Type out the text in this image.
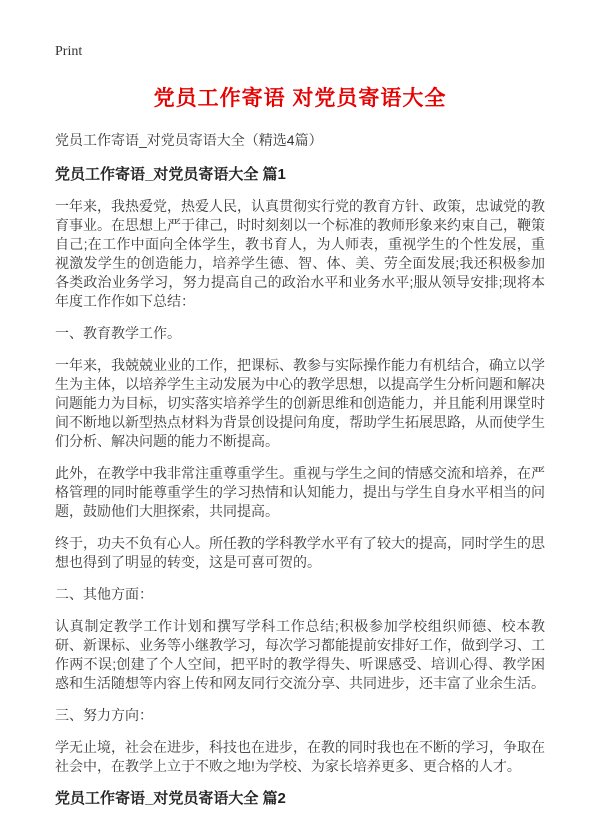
Print
党员工作寄语 对党员寄语大全
党员工作寄语_对党员寄语大全（精选4篇）
党员工作寄语_对党员寄语大全 篇1
一年来，我热爱党，热爱人民，认真贯彻实行党的教育方针、政策，忠诚党的教育事业。在思想上严于律己，时时刻刻以一个标准的教师形象来约束自己，鞭策自己;在工作中面向全体学生，教书育人，为人师表，重视学生的个性发展，重视激发学生的创造能力，培养学生德、智、体、美、劳全面发展;我还积极参加各类政治业务学习，努力提高自己的政治水平和业务水平;服从领导安排;现将本年度工作作如下总结：
一、教育教学工作。
一年来，我兢兢业业的工作，把课标、教参与实际操作能力有机结合，确立以学生为主体，以培养学生主动发展为中心的教学思想，以提高学生分析问题和解决问题能力为目标，切实落实培养学生的创新思维和创造能力，并且能利用课堂时间不断地以新型热点材料为背景创设提问角度，帮助学生拓展思路，从而使学生们分析、解决问题的能力不断提高。
此外，在教学中我非常注重尊重学生。重视与学生之间的情感交流和培养，在严格管理的同时能尊重学生的学习热情和认知能力，提出与学生自身水平相当的问题，鼓励他们大胆探索，共同提高。
终于，功夫不负有心人。所任教的学科教学水平有了较大的提高，同时学生的思想也得到了明显的转变，这是可喜可贺的。
二、其他方面：
认真制定教学工作计划和撰写学科工作总结;积极参加学校组织师德、校本教研、新课标、业务等小继教学习，每次学习都能提前安排好工作，做到学习、工作两不误;创建了个人空间，把平时的教学得失、听课感受、培训心得、教学困惑和生活随想等内容上传和网友同行交流分享、共同进步，还丰富了业余生活。
三、努力方向：
学无止境，社会在进步，科技也在进步，在教的同时我也在不断的学习，争取在社会中，在教学上立于不败之地!为学校、为家长培养更多、更合格的人才。
党员工作寄语_对党员寄语大全 篇2
